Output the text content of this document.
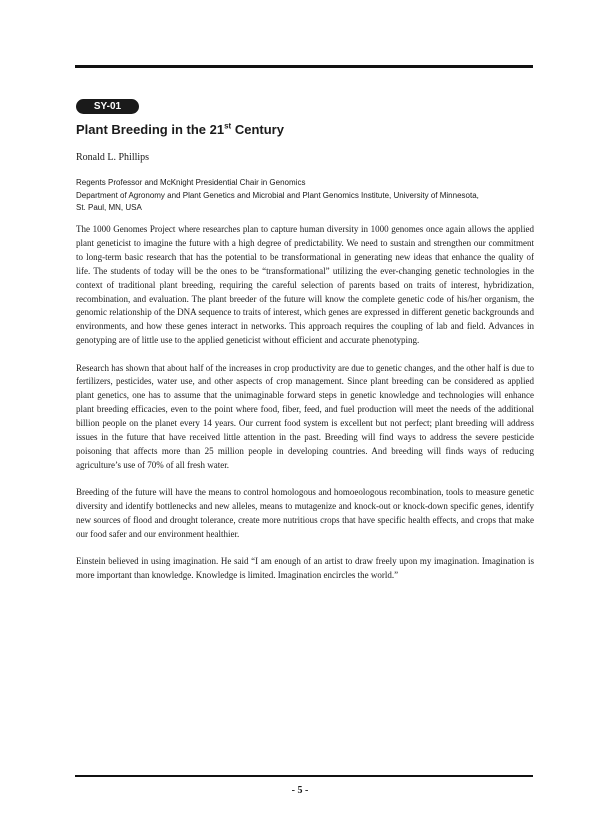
SY-01
Plant Breeding in the 21st Century
Ronald L. Phillips
Regents Professor and McKnight Presidential Chair in Genomics
Department of Agronomy and Plant Genetics and Microbial and Plant Genomics Institute, University of Minnesota,
St. Paul, MN, USA

The 1000 Genomes Project where researches plan to capture human diversity in 1000 genomes once again allows the applied plant geneticist to imagine the future with a high degree of predictability. We need to sustain and strengthen our commitment to long-term basic research that has the potential to be transformational in generating new ideas that enhance the quality of life. The students of today will be the ones to be “transformational” utilizing the ever-changing genetic technologies in the context of traditional plant breeding, requiring the careful selection of parents based on traits of interest, hybridization, recombination, and evaluation. The plant breeder of the future will know the complete genetic code of his/her organism, the genomic relationship of the DNA sequence to traits of interest, which genes are expressed in different genetic backgrounds and environments, and how these genes interact in networks. This approach requires the coupling of lab and field. Advances in genotyping are of little use to the applied geneticist without efficient and accurate phenotyping.

Research has shown that about half of the increases in crop productivity are due to genetic changes, and the other half is due to fertilizers, pesticides, water use, and other aspects of crop management. Since plant breeding can be considered as applied plant genetics, one has to assume that the unimaginable forward steps in genetic knowledge and technologies will enhance plant breeding efficacies, even to the point where food, fiber, feed, and fuel production will meet the needs of the additional billion people on the planet every 14 years. Our current food system is excellent but not perfect; plant breeding will address issues in the future that have received little attention in the past. Breeding will find ways to address the severe pesticide poisoning that affects more than 25 million people in developing countries. And breeding will finds ways of reducing agriculture’s use of 70% of all fresh water.

Breeding of the future will have the means to control homologous and homoeologous recombination, tools to measure genetic diversity and identify bottlenecks and new alleles, means to mutagenize and knock-out or knock-down specific genes, identify new sources of flood and drought tolerance, create more nutritious crops that have specific health effects, and crops that make our food safer and our environment healthier.

Einstein believed in using imagination. He said “I am enough of an artist to draw freely upon my imagination. Imagination is more important than knowledge. Knowledge is limited. Imagination encircles the world.”

- 5 -
